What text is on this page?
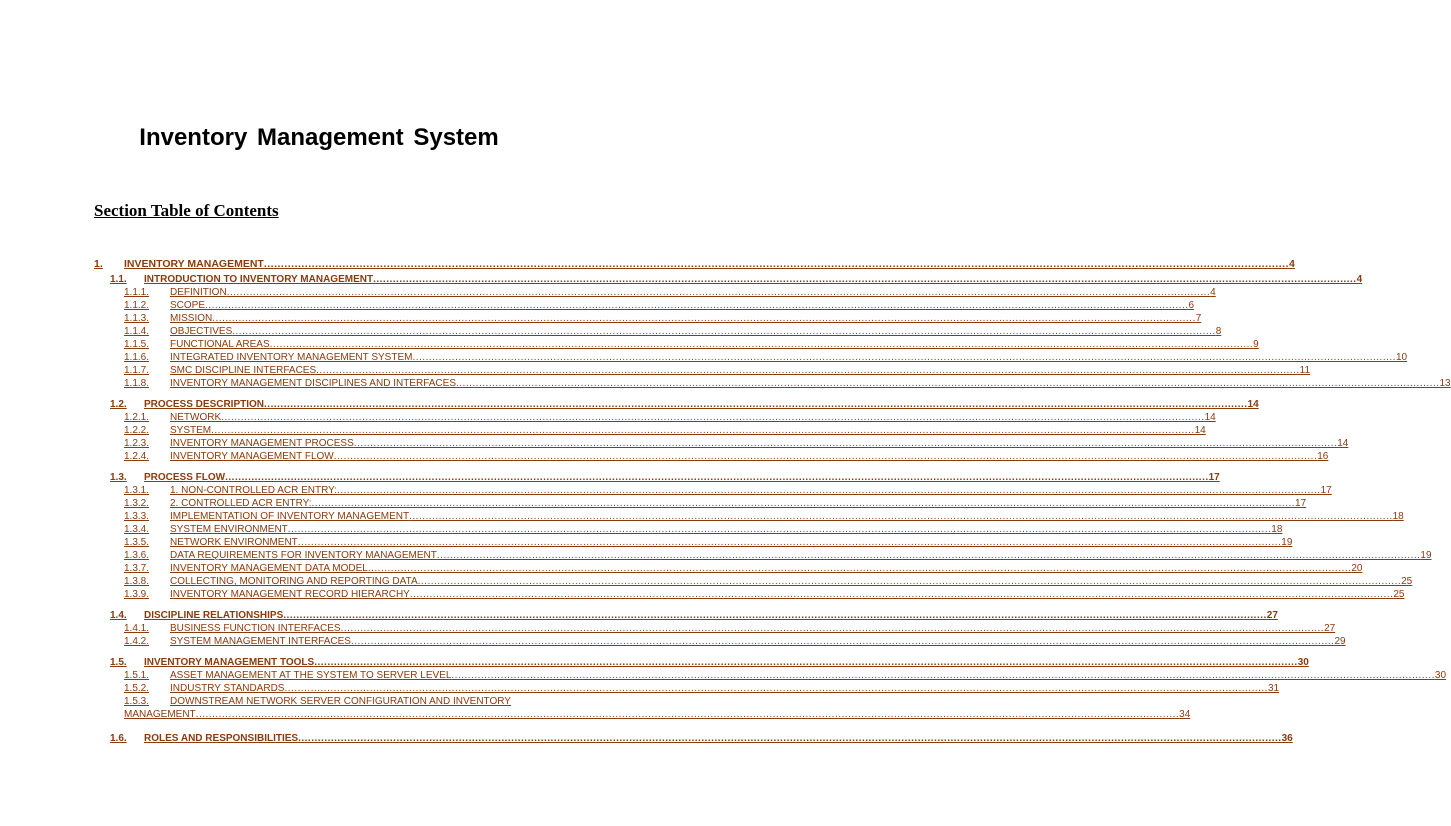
Inventory Management System
Section Table of Contents
1. INVENTORY MANAGEMENT ............................................................................................................................................................................................................................................................................................................ 4
1.1. INTRODUCTION TO INVENTORY MANAGEMENT ............................................................................................................................................................................................................................................................................................................ 4
1.1.1. DEFINITION ............................................................................................................................................................................................................................................................................................................ 4
1.1.2. SCOPE ............................................................................................................................................................................................................................................................................................................ 6
1.1.3. MISSION ............................................................................................................................................................................................................................................................................................................ 7
1.1.4. OBJECTIVES ............................................................................................................................................................................................................................................................................................................ 8
1.1.5. FUNCTIONAL AREAS ............................................................................................................................................................................................................................................................................................................ 9
1.1.6. INTEGRATED INVENTORY MANAGEMENT SYSTEM ............................................................................................................................................................................................................................................................................................................ 10
1.1.7. SMC DISCIPLINE INTERFACES ............................................................................................................................................................................................................................................................................................................ 11
1.1.8. INVENTORY MANAGEMENT DISCIPLINES AND INTERFACES ............................................................................................................................................................................................................................................................................................................ 13
1.2. PROCESS DESCRIPTION ............................................................................................................................................................................................................................................................................................................ 14
1.2.1. NETWORK ............................................................................................................................................................................................................................................................................................................ 14
1.2.2. SYSTEM ............................................................................................................................................................................................................................................................................................................ 14
1.2.3. INVENTORY MANAGEMENT PROCESS ............................................................................................................................................................................................................................................................................................................ 14
1.2.4. INVENTORY MANAGEMENT FLOW ............................................................................................................................................................................................................................................................................................................ 16
1.3. PROCESS FLOW ............................................................................................................................................................................................................................................................................................................ 17
1.3.1. 1. NON-CONTROLLED ACR ENTRY: ............................................................................................................................................................................................................................................................................................................ 17
1.3.2. 2. CONTROLLED ACR ENTRY: ............................................................................................................................................................................................................................................................................................................ 17
1.3.3. IMPLEMENTATION OF INVENTORY MANAGEMENT ............................................................................................................................................................................................................................................................................................................ 18
1.3.4. SYSTEM ENVIRONMENT ............................................................................................................................................................................................................................................................................................................ 18
1.3.5. NETWORK ENVIRONMENT ............................................................................................................................................................................................................................................................................................................ 19
1.3.6. DATA REQUIREMENTS FOR INVENTORY MANAGEMENT ............................................................................................................................................................................................................................................................................................................ 19
1.3.7. INVENTORY MANAGEMENT DATA MODEL ............................................................................................................................................................................................................................................................................................................ 20
1.3.8. COLLECTING, MONITORING AND REPORTING DATA ............................................................................................................................................................................................................................................................................................................ 25
1.3.9. INVENTORY MANAGEMENT RECORD HIERARCHY ............................................................................................................................................................................................................................................................................................................ 25
1.4. DISCIPLINE RELATIONSHIPS ............................................................................................................................................................................................................................................................................................................ 27
1.4.1. BUSINESS FUNCTION INTERFACES ............................................................................................................................................................................................................................................................................................................ 27
1.4.2. SYSTEM MANAGEMENT INTERFACES ............................................................................................................................................................................................................................................................................................................ 29
1.5. INVENTORY MANAGEMENT TOOLS ............................................................................................................................................................................................................................................................................................................ 30
1.5.1. ASSET MANAGEMENT AT THE SYSTEM TO SERVER LEVEL ............................................................................................................................................................................................................................................................................................................ 30
1.5.2. INDUSTRY STANDARDS ............................................................................................................................................................................................................................................................................................................ 31
1.5.3. DOWNSTREAM NETWORK SERVER CONFIGURATION AND INVENTORY
MANAGEMENT ............................................................................................................................................................................................................................................................................................................ 34
1.6. ROLES AND RESPONSIBILITIES ............................................................................................................................................................................................................................................................................................................ 36
